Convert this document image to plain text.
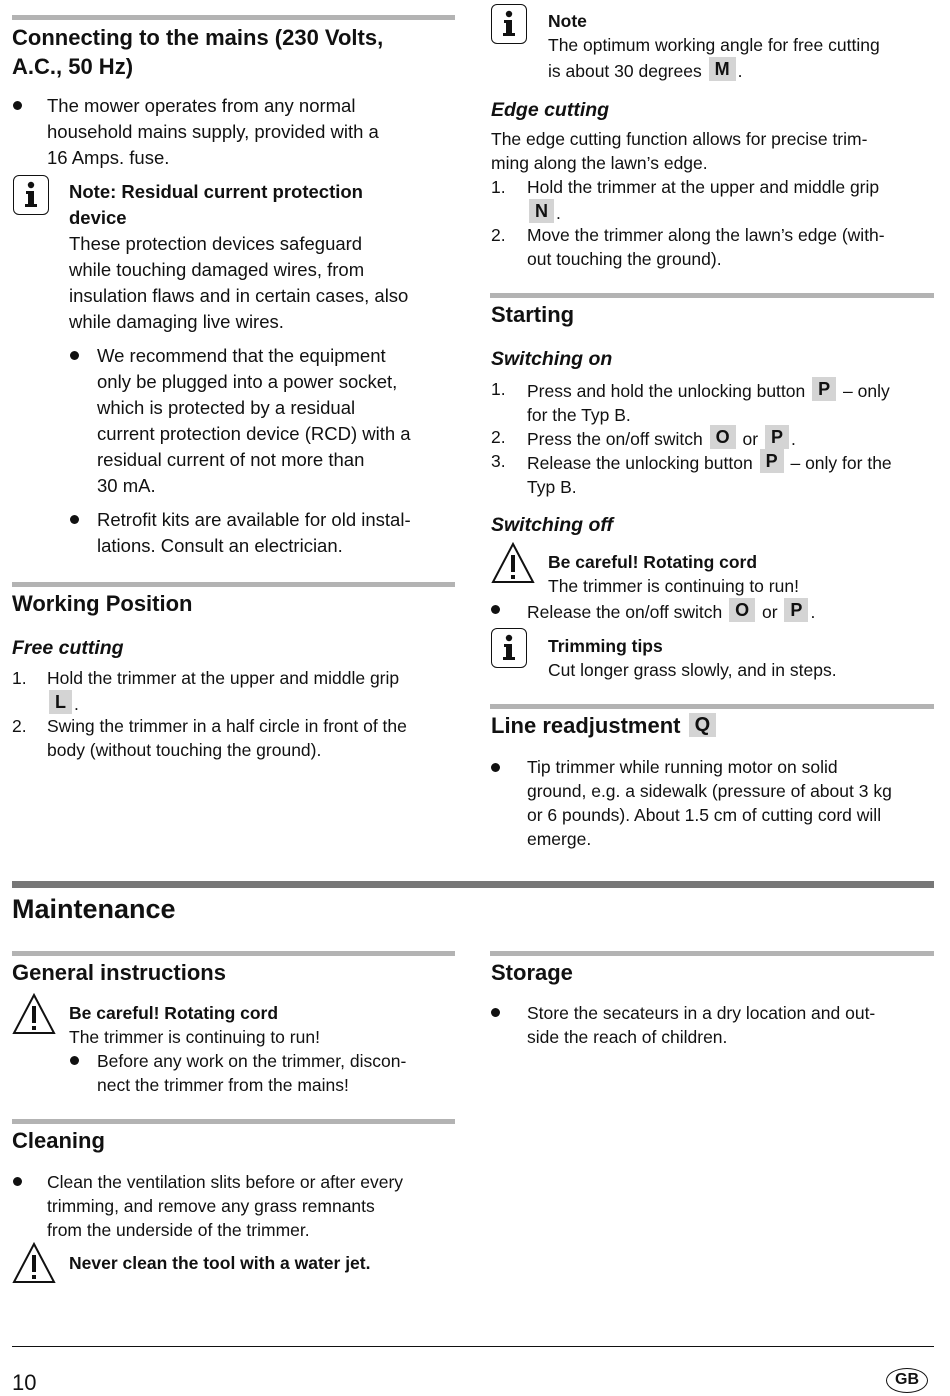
Connecting to the mains (230 Volts,
A.C., 50 Hz)
The mower operates from any normal
household mains supply, provided with a
16 Amps. fuse.
Note: Residual current protection
device
These protection devices safeguard
while touching damaged wires, from
insulation flaws and in certain cases, also
while damaging live wires.
We recommend that the equipment
only be plugged into a power socket,
which is protected by a residual
current protection device (RCD) with a
residual current of not more than
30 mA.
Retrofit kits are available for old instal-
lations. Consult an electrician.
Working Position
Free cutting
1. Hold the trimmer at the upper and middle grip
L .
2. Swing the trimmer in a half circle in front of the
body (without touching the ground).
Note
The optimum working angle for free cutting
is about 30 degrees M .
Edge cutting
The edge cutting function allows for precise trim-
ming along the lawn’s edge.
1. Hold the trimmer at the upper and middle grip
N .
2. Move the trimmer along the lawn’s edge (with-
out touching the ground).
Starting
Switching on
1. Press and hold the unlocking button P – only
for the Typ B.
2. Press the on/off switch O or P .
3. Release the unlocking button P – only for the
Typ B.
Switching off
Be careful! Rotating cord
The trimmer is continuing to run!
Release the on/off switch O or P .
Trimming tips
Cut longer grass slowly, and in steps.
Line readjustment Q
Tip trimmer while running motor on solid
ground, e.g. a sidewalk (pressure of about 3 kg
or 6 pounds). About 1.5 cm of cutting cord will
emerge.
Maintenance
General instructions
Be careful! Rotating cord
The trimmer is continuing to run!
Before any work on the trimmer, discon-
nect the trimmer from the mains!
Cleaning
Clean the ventilation slits before or after every
trimming, and remove any grass remnants
from the underside of the trimmer.
Never clean the tool with a water jet.
Storage
Store the secateurs in a dry location and out-
side the reach of children.
10	GB
